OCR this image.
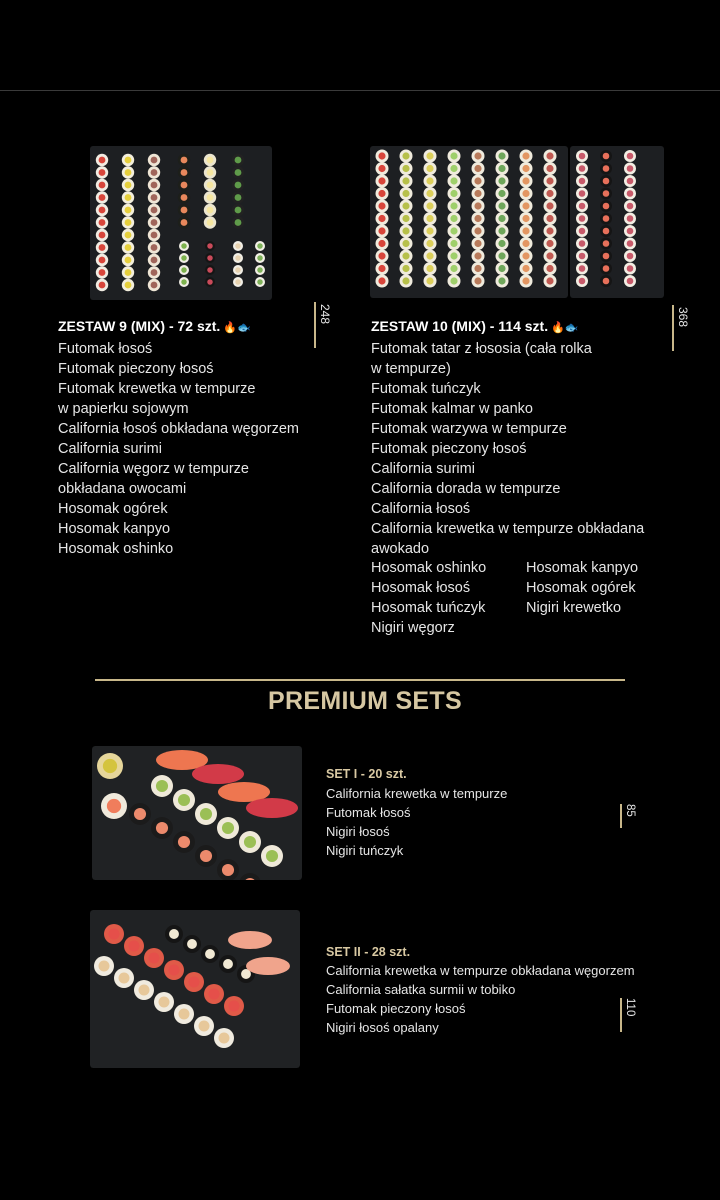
ZESTAW 9 (MIX) - 72 szt. 🔥🐟
248
Futomak łosoś
Futomak pieczony łosoś
Futomak krewetka w tempurze
w papierku sojowym
California łosoś obkładana węgorzem
California surimi
California węgorz w tempurze
obkładana owocami
Hosomak ogórek
Hosomak kanpyo
Hosomak oshinko
ZESTAW 10 (MIX) - 114 szt. 🔥🐟
368
Futomak tatar z łososia (cała rolka
w tempurze)
Futomak tuńczyk
Futomak kalmar w panko
Futomak warzywa w tempurze
Futomak pieczony łosoś
California surimi
California dorada w tempurze
California łosoś
California krewetka w tempurze obkładana
awokado
Hosomak oshinko
Hosomak łosoś
Hosomak tuńczyk
Nigiri węgorz
Hosomak kanpyo
Hosomak ogórek
Nigiri krewetko
PREMIUM SETS
SET I - 20 szt.
California krewetka w tempurze
Futomak łosoś
Nigiri łosoś
Nigiri tuńczyk
85
SET II - 28 szt.
California krewetka w tempurze obkładana węgorzem
California sałatka surmii w tobiko
Futomak pieczony łosoś
Nigiri łosoś opalany
110
